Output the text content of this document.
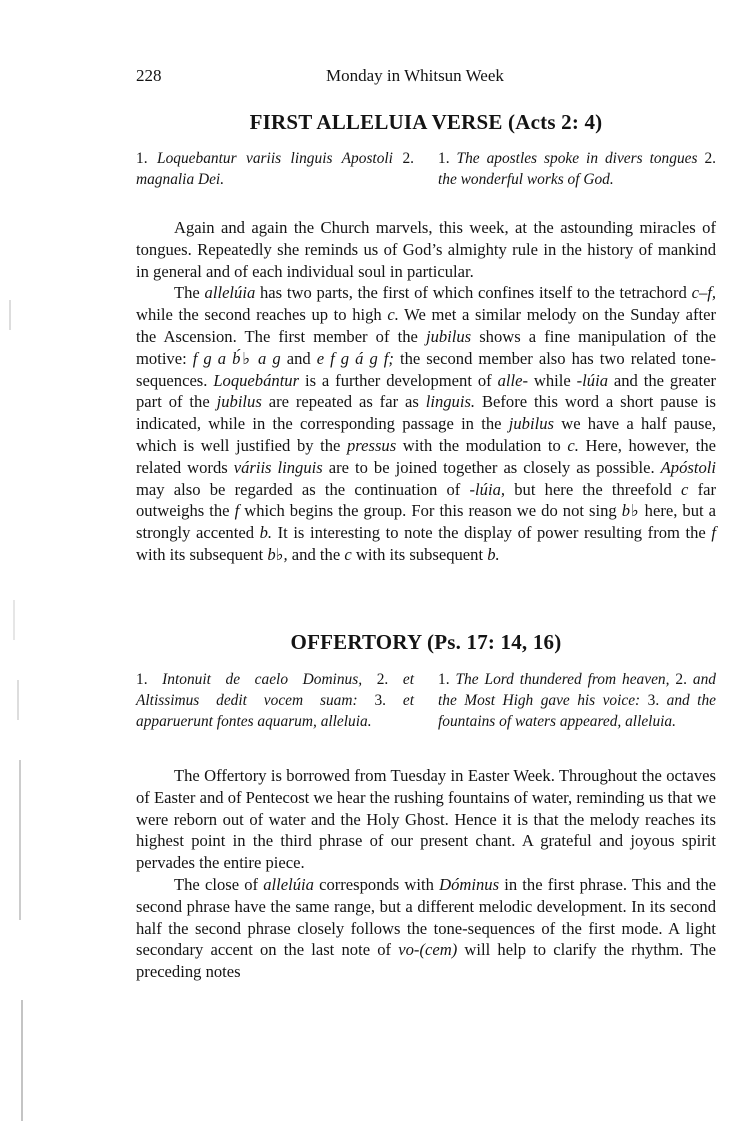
228	Monday in Whitsun Week
FIRST ALLELUIA VERSE (Acts 2: 4)
1. Loquebantur variis linguis Apostoli 2. magnalia Dei.
1. The apostles spoke in divers tongues 2. the wonderful works of God.

Again and again the Church marvels, this week, at the astounding miracles of tongues. Repeatedly she reminds us of God’s almighty rule in the history of mankind in general and of each individual soul in particular.

The allelúia has two parts, the first of which confines itself to the tetrachord c–f, while the second reaches up to high c. We met a similar melody on the Sunday after the Ascension. The first member of the jubilus shows a fine manipulation of the motive: f g a b́♭ a g and e f g á g f; the second member also has two related tone-sequences. Loquebántur is a further development of alle- while -lúia and the greater part of the jubilus are repeated as far as linguis. Before this word a short pause is indicated, while in the corresponding passage in the jubilus we have a half pause, which is well justified by the pressus with the modulation to c. Here, however, the related words váriis linguis are to be joined together as closely as possible. Apóstoli may also be regarded as the continuation of -lúia, but here the threefold c far outweighs the f which begins the group. For this reason we do not sing b♭ here, but a strongly accented b. It is interesting to note the display of power resulting from the f with its subsequent b♭, and the c with its subsequent b.

OFFERTORY (Ps. 17: 14, 16)
1. Intonuit de caelo Dominus, 2. et Altissimus dedit vocem suam: 3. et apparuerunt fontes aquarum, alleluia.
1. The Lord thundered from heaven, 2. and the Most High gave his voice: 3. and the fountains of waters appeared, alleluia.

The Offertory is borrowed from Tuesday in Easter Week. Throughout the octaves of Easter and of Pentecost we hear the rushing fountains of water, reminding us that we were reborn out of water and the Holy Ghost. Hence it is that the melody reaches its highest point in the third phrase of our present chant. A grateful and joyous spirit pervades the entire piece.

The close of allelúia corresponds with Dóminus in the first phrase. This and the second phrase have the same range, but a different melodic development. In its second half the second phrase closely follows the tone-sequences of the first mode. A light secondary accent on the last note of vo-(cem) will help to clarify the rhythm. The preceding notes
